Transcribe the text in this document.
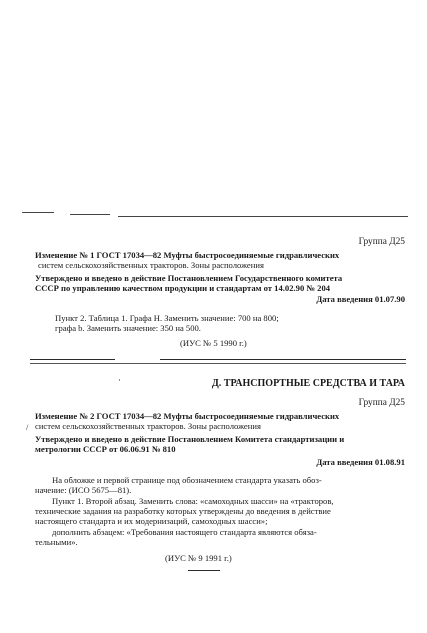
Группа Д25
Изменение № 1 ГОСТ 17034—82 Муфты быстросоединяемые гидравлических
систем сельскохозяйственных тракторов. Зоны расположения
Утверждено и введено в действие Постановлением Государственного комитета
СССР по управлению качеством продукции и стандартам от 14.02.90 № 204
Дата введения 01.07.90
Пункт 2. Таблица 1. Графа Н. Заменить значение: 700 на 800;
графа b. Заменить значение: 350 на 500.
(ИУС № 5 1990 г.)
·	Д. ТРАНСПОРТНЫЕ СРЕДСТВА И ТАРА
Группа Д25
Изменение № 2 ГОСТ 17034—82 Муфты быстросоединяемые гидравлических
/ систем сельскохозяйственных тракторов. Зоны расположения
Утверждено и введено в действие Постановлением Комитета стандартизации и
метрологии СССР от 06.06.91 № 810
Дата введения 01.08.91
На обложке и первой странице под обозначением стандарта указать обоз-
начение: (ИСО 5675—81).
Пункт 1. Второй абзац. Заменить слова: «самоходных шасси» на «тракторов,
технические задания на разработку которых утверждены до введения в действие
настоящего стандарта и их модернизаций, самоходных шасси»;
дополнить абзацем: «Требования настоящего стандарта являются обяза-
тельными».
(ИУС № 9 1991 г.)
